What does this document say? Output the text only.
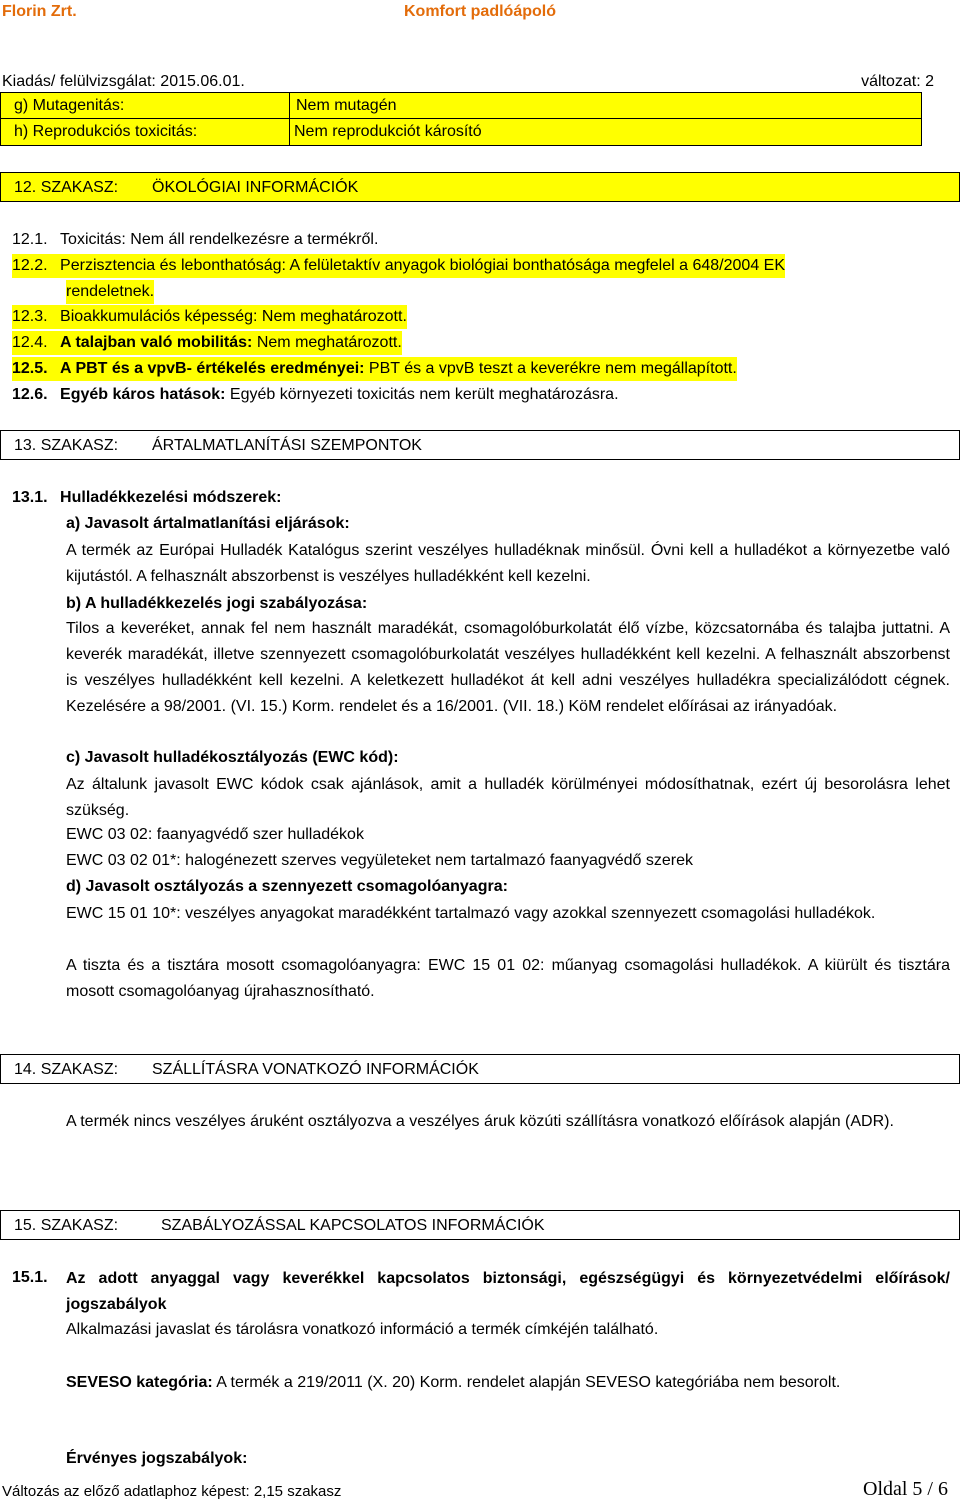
Florin Zrt.	Komfort padlóápoló
Kiadás/ felülvizsgálat: 2015.06.01.	változat: 2
g) Mutagenitás:	Nem mutagén
h) Reprodukciós toxicitás:	Nem reprodukciót károsító
12. SZAKASZ: ÖKOLÓGIAI INFORMÁCIÓK
12.1. Toxicitás: Nem áll rendelkezésre a termékről.
12.2. Perzisztencia és lebonthatóság: A felületaktív anyagok biológiai bonthatósága megfelel a 648/2004 EK
rendeletnek.
12.3. Bioakkumulációs képesség: Nem meghatározott.
12.4. A talajban való mobilitás: Nem meghatározott.
12.5. A PBT és a vpvB- értékelés eredményei: PBT és a vpvB teszt a keverékre nem megállapított.
12.6. Egyéb káros hatások: Egyéb környezeti toxicitás nem került meghatározásra.
13. SZAKASZ: ÁRTALMATLANÍTÁSI SZEMPONTOK
13.1. Hulladékkezelési módszerek:
a) Javasolt ártalmatlanítási eljárások:
A termék az Európai Hulladék Katalógus szerint veszélyes hulladéknak minősül. Óvni kell a hulladékot a környezetbe való kijutástól. A felhasznált abszorbenst is veszélyes hulladékként kell kezelni.
b) A hulladékkezelés jogi szabályozása:
Tilos a keveréket, annak fel nem használt maradékát, csomagolóburkolatát élő vízbe, közcsatornába és talajba juttatni. A keverék maradékát, illetve szennyezett csomagolóburkolatát veszélyes hulladékként kell kezelni. A felhasznált abszorbenst is veszélyes hulladékként kell kezelni. A keletkezett hulladékot át kell adni veszélyes hulladékra specializálódott cégnek. Kezelésére a 98/2001. (VI. 15.) Korm. rendelet és a 16/2001. (VII. 18.) KöM rendelet előírásai az irányadóak.
c) Javasolt hulladékosztályozás (EWC kód):
Az általunk javasolt EWC kódok csak ajánlások, amit a hulladék körülményei módosíthatnak, ezért új besorolásra lehet szükség.
EWC 03 02: faanyagvédő szer hulladékok
EWC 03 02 01*: halogénezett szerves vegyületeket nem tartalmazó faanyagvédő szerek
d) Javasolt osztályozás a szennyezett csomagolóanyagra:
EWC 15 01 10*: veszélyes anyagokat maradékként tartalmazó vagy azokkal szennyezett csomagolási hulladékok.
A tiszta és a tisztára mosott csomagolóanyagra: EWC 15 01 02: műanyag csomagolási hulladékok. A kiürült és tisztára mosott csomagolóanyag újrahasznosítható.
14. SZAKASZ: SZÁLLÍTÁSRA VONATKOZÓ INFORMÁCIÓK
A termék nincs veszélyes áruként osztályozva a veszélyes áruk közúti szállításra vonatkozó előírások alapján (ADR).
15. SZAKASZ:	SZABÁLYOZÁSSAL KAPCSOLATOS INFORMÁCIÓK
15.1. Az adott anyaggal vagy keverékkel kapcsolatos biztonsági, egészségügyi és környezetvédelmi előírások/ jogszabályok
Alkalmazási javaslat és tárolásra vonatkozó információ a termék címkéjén található.
SEVESO kategória: A termék a 219/2011 (X. 20) Korm. rendelet alapján SEVESO kategóriába nem besorolt.
Érvényes jogszabályok:
Változás az előző adatlaphoz képest: 2,15 szakasz	Oldal 5 / 6
